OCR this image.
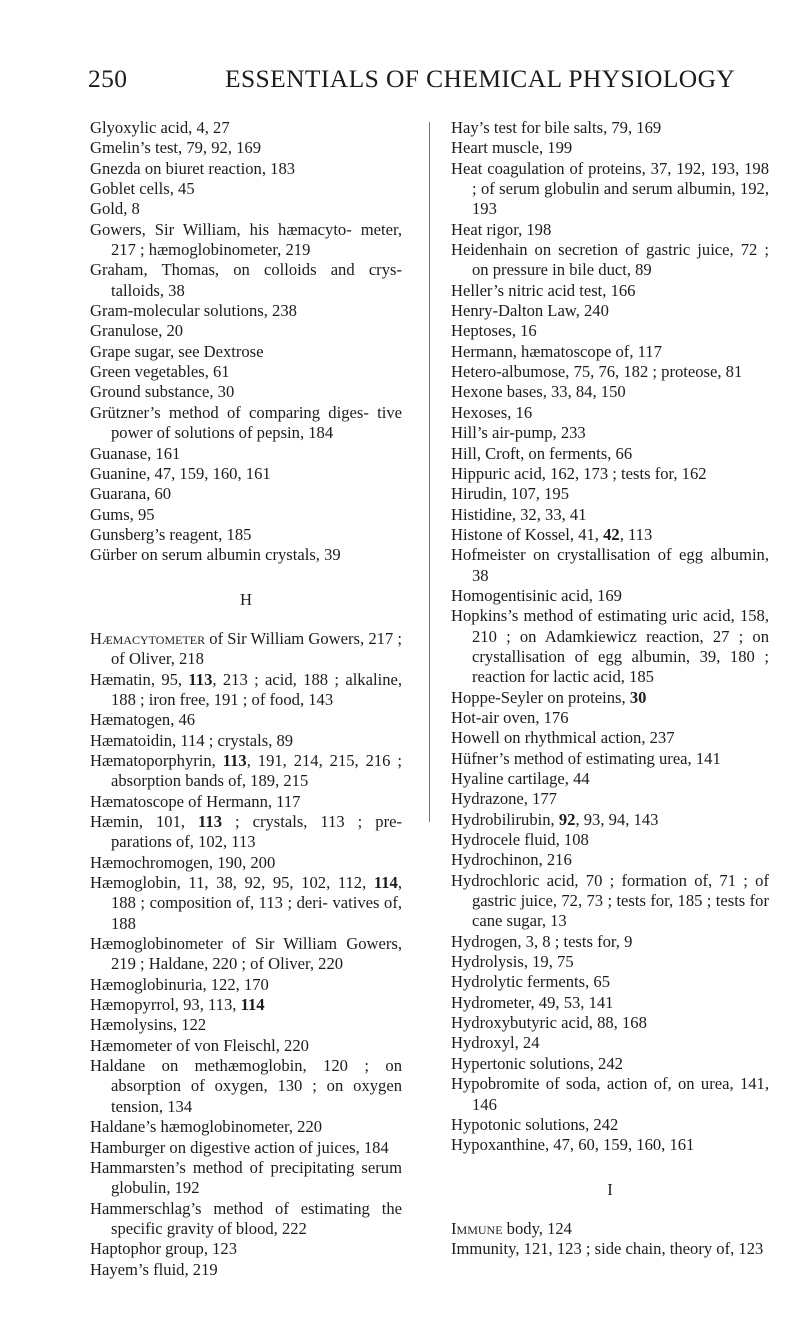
250	ESSENTIALS OF CHEMICAL PHYSIOLOGY

Glyoxylic acid, 4, 27

Gmelin’s test, 79, 92, 169

Gnezda on biuret reaction, 183

Goblet cells, 45

Gold, 8

Gowers, Sir William, his hæmacyto- meter, 217 ; hæmoglobinometer, 219

Graham, Thomas, on colloids and crys- talloids, 38

Gram-molecular solutions, 238

Granulose, 20

Grape sugar, see Dextrose

Green vegetables, 61

Ground substance, 30

Grützner’s method of comparing diges- tive power of solutions of pepsin, 184

Guanase, 161

Guanine, 47, 159, 160, 161

Guarana, 60

Gums, 95

Gunsberg’s reagent, 185

Gürber on serum albumin crystals, 39

H

Hæmacytometer of Sir William Gowers, 217 ; of Oliver, 218

Hæmatin, 95, 113, 213 ; acid, 188 ; alkaline, 188 ; iron free, 191 ; of food, 143

Hæmatogen, 46

Hæmatoidin, 114 ; crystals, 89

Hæmatoporphyrin, 113, 191, 214, 215, 216 ; absorption bands of, 189, 215

Hæmatoscope of Hermann, 117

Hæmin, 101, 113 ; crystals, 113 ; pre- parations of, 102, 113

Hæmochromogen, 190, 200

Hæmoglobin, 11, 38, 92, 95, 102, 112, 114, 188 ; composition of, 113 ; deri- vatives of, 188

Hæmoglobinometer of Sir William Gowers, 219 ; Haldane, 220 ; of Oliver, 220

Hæmoglobinuria, 122, 170

Hæmopyrrol, 93, 113, 114

Hæmolysins, 122

Hæmometer of von Fleischl, 220

Haldane on methæmoglobin, 120 ; on absorption of oxygen, 130 ; on oxygen tension, 134

Haldane’s hæmoglobinometer, 220

Hamburger on digestive action of juices, 184

Hammarsten’s method of precipitating serum globulin, 192

Hammerschlag’s method of estimating the specific gravity of blood, 222

Haptophor group, 123

Hayem’s fluid, 219

Hay’s test for bile salts, 79, 169

Heart muscle, 199

Heat coagulation of proteins, 37, 192, 193, 198 ; of serum globulin and serum albumin, 192, 193

Heat rigor, 198

Heidenhain on secretion of gastric juice, 72 ; on pressure in bile duct, 89

Heller’s nitric acid test, 166

Henry-Dalton Law, 240

Heptoses, 16

Hermann, hæmatoscope of, 117

Hetero-albumose, 75, 76, 182 ; proteose, 81

Hexone bases, 33, 84, 150

Hexoses, 16

Hill’s air-pump, 233

Hill, Croft, on ferments, 66

Hippuric acid, 162, 173 ; tests for, 162

Hirudin, 107, 195

Histidine, 32, 33, 41

Histone of Kossel, 41, 42, 113

Hofmeister on crystallisation of egg albumin, 38

Homogentisinic acid, 169

Hopkins’s method of estimating uric acid, 158, 210 ; on Adamkiewicz reaction, 27 ; on crystallisation of egg albumin, 39, 180 ; reaction for lactic acid, 185

Hoppe-Seyler on proteins, 30

Hot-air oven, 176

Howell on rhythmical action, 237

Hüfner’s method of estimating urea, 141

Hyaline cartilage, 44

Hydrazone, 177

Hydrobilirubin, 92, 93, 94, 143

Hydrocele fluid, 108

Hydrochinon, 216

Hydrochloric acid, 70 ; formation of, 71 ; of gastric juice, 72, 73 ; tests for, 185 ; tests for cane sugar, 13

Hydrogen, 3, 8 ; tests for, 9

Hydrolysis, 19, 75

Hydrolytic ferments, 65

Hydrometer, 49, 53, 141

Hydroxybutyric acid, 88, 168

Hydroxyl, 24

Hypertonic solutions, 242

Hypobromite of soda, action of, on urea, 141, 146

Hypotonic solutions, 242

Hypoxanthine, 47, 60, 159, 160, 161

I

Immune body, 124

Immunity, 121, 123 ; side chain, theory of, 123
